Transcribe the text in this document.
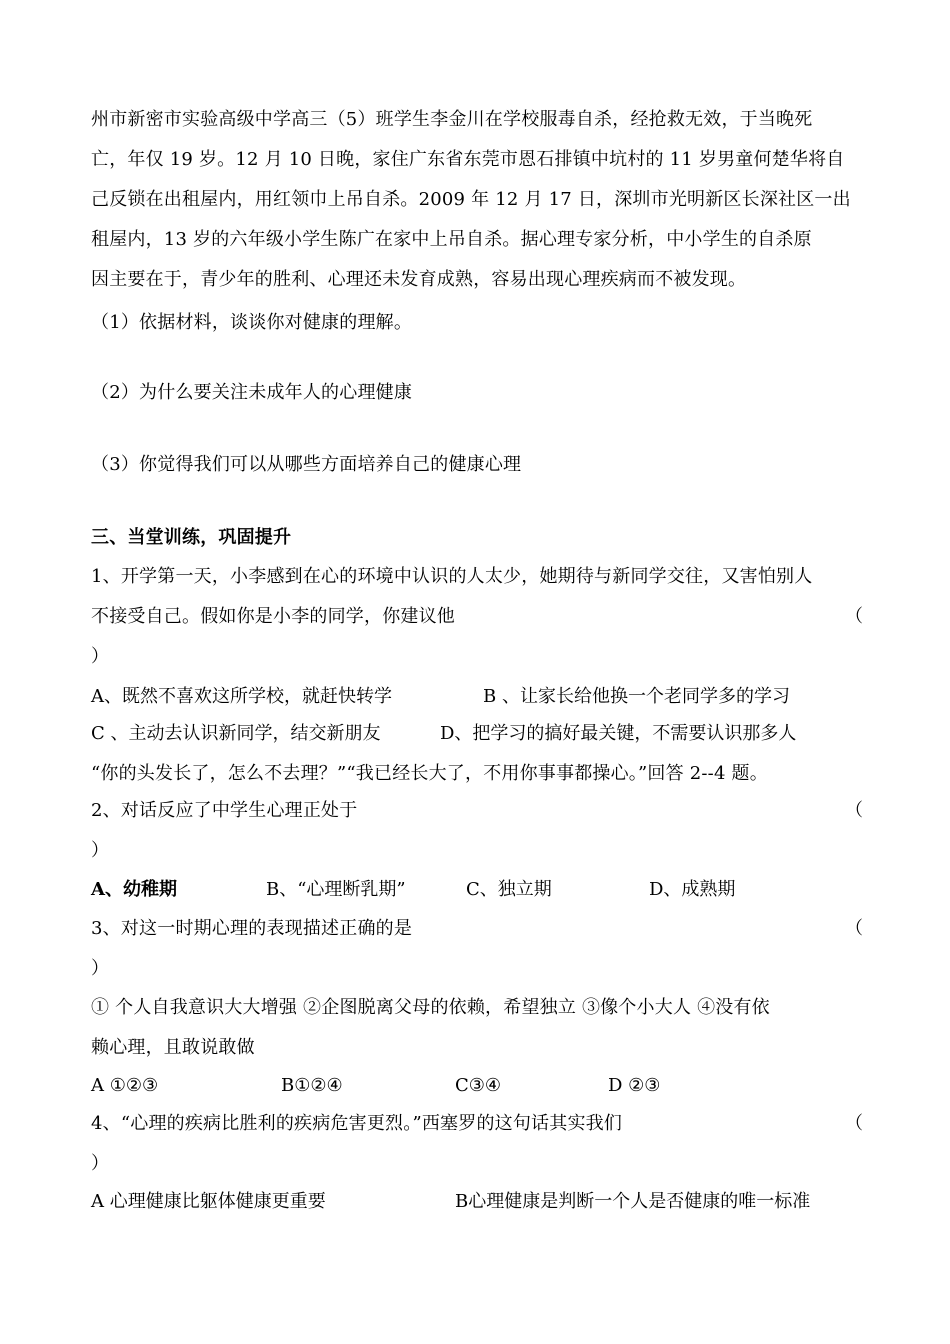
州市新密市实验高级中学高三（5）班学生李金川在学校服毒自杀，经抢救无效，于当晚死
亡，年仅 19 岁。12 月 10 日晚，家住广东省东莞市恩石排镇中坑村的 11 岁男童何楚华将自
己反锁在出租屋内，用红领巾上吊自杀。2009 年 12 月 17 日，深圳市光明新区长深社区一出
租屋内，13 岁的六年级小学生陈广在家中上吊自杀。据心理专家分析，中小学生的自杀原
因主要在于，青少年的胜利、心理还未发育成熟，容易出现心理疾病而不被发现。
（1）依据材料，谈谈你对健康的理解。
（2）为什么要关注未成年人的心理健康
（3）你觉得我们可以从哪些方面培养自己的健康心理
三、当堂训练，巩固提升
1、开学第一天，小李感到在心的环境中认识的人太少，她期待与新同学交往，又害怕别人
不接受自己。假如你是小李的同学，你建议他	（
）
A、既然不喜欢这所学校，就赶快转学	B 、让家长给他换一个老同学多的学习
C 、主动去认识新同学，结交新朋友	D、把学习的搞好最关键，不需要认识那多人
“你的头发长了，怎么不去理？”“我已经长大了，不用你事事都操心。”回答 2--4 题。
2、对话反应了中学生心理正处于	（
）
A、幼稚期	B、“心理断乳期”	C、独立期	D、成熟期
3、对这一时期心理的表现描述正确的是	（
）
① 个人自我意识大大增强 ②企图脱离父母的依赖，希望独立 ③像个小大人 ④没有依
赖心理，且敢说敢做
A ①②③	B①②④	C③④	D ②③
4、“心理的疾病比胜利的疾病危害更烈。”西塞罗的这句话其实我们	（
）
A 心理健康比躯体健康更重要	B心理健康是判断一个人是否健康的唯一标准
